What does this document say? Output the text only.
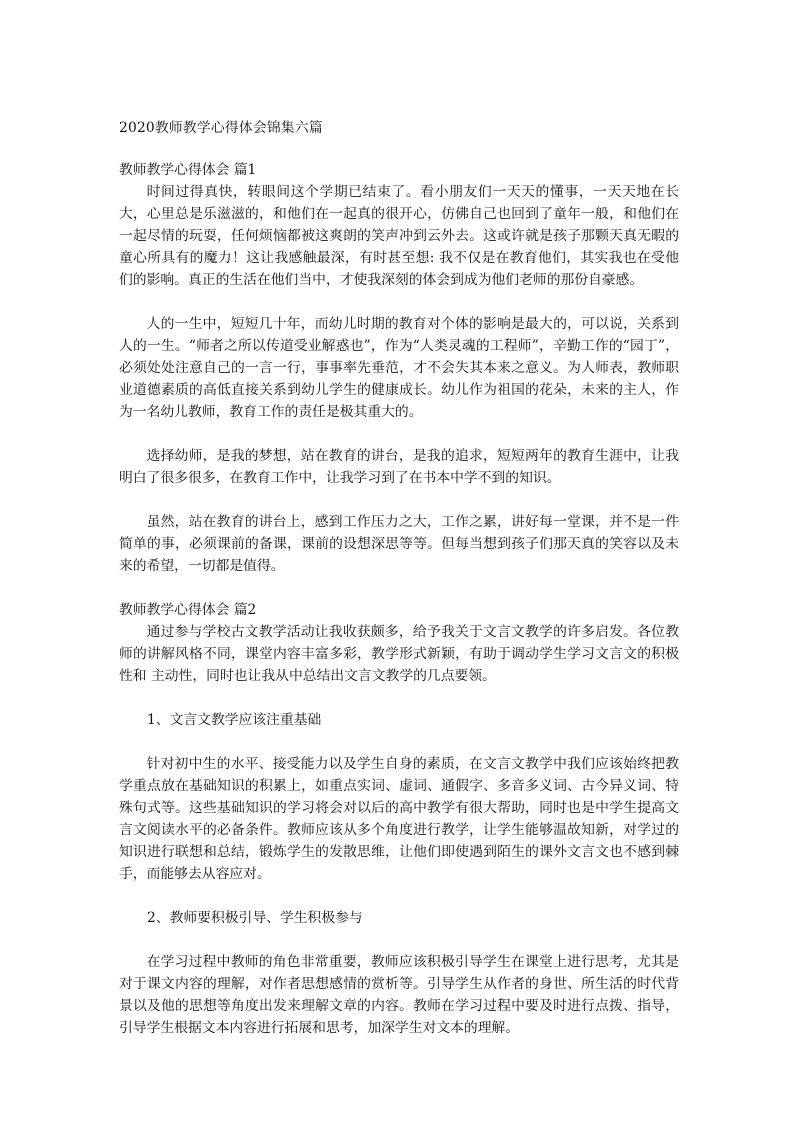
2020教师教学心得体会锦集六篇
教师教学心得体会 篇1

时间过得真快，转眼间这个学期已结束了。看小朋友们一天天的懂事，一天天地在长大，心里总是乐滋滋的，和他们在一起真的很开心，仿佛自己也回到了童年一般，和他们在一起尽情的玩耍，任何烦恼都被这爽朗的笑声冲到云外去。这或许就是孩子那颗天真无暇的童心所具有的魔力！这让我感触最深，有时甚至想: 我不仅是在教育他们，其实我也在受他们的影响。真正的生活在他们当中，才使我深刻的体会到成为他们老师的那份自豪感。

人的一生中，短短几十年，而幼儿时期的教育对个体的影响是最大的，可以说，关系到人的一生。“师者之所以传道受业解惑也”，作为“人类灵魂的工程师”，辛勤工作的“园丁”，必须处处注意自己的一言一行，事事率先垂范，才不会失其本来之意义。为人师表，教师职业道德素质的高低直接关系到幼儿学生的健康成长。幼儿作为祖国的花朵，未来的主人，作为一名幼儿教师，教育工作的责任是极其重大的。

选择幼师，是我的梦想，站在教育的讲台，是我的追求，短短两年的教育生涯中，让我明白了很多很多，在教育工作中，让我学习到了在书本中学不到的知识。

虽然，站在教育的讲台上，感到工作压力之大，工作之累，讲好每一堂课，并不是一件简单的事，必须课前的备课，课前的设想深思等等。但每当想到孩子们那天真的笑容以及未来的希望，一切都是值得。

教师教学心得体会 篇2

通过参与学校古文教学活动让我收获颇多，给予我关于文言文教学的许多启发。各位教师的讲解风格不同，课堂内容丰富多彩，教学形式新颖，有助于调动学生学习文言文的积极性和 主动性，同时也让我从中总结出文言文教学的几点要领。

1、文言文教学应该注重基础

针对初中生的水平、接受能力以及学生自身的素质，在文言文教学中我们应该始终把教学重点放在基础知识的积累上，如重点实词、虚词、通假字、多音多义词、古今异义词、特殊句式等。这些基础知识的学习将会对以后的高中教学有很大帮助，同时也是中学生提高文言文阅读水平的必备条件。教师应该从多个角度进行教学，让学生能够温故知新，对学过的知识进行联想和总结，锻炼学生的发散思维，让他们即使遇到陌生的课外文言文也不感到棘手，而能够去从容应对。

2、教师要积极引导、学生积极参与

在学习过程中教师的角色非常重要，教师应该积极引导学生在课堂上进行思考，尤其是对于课文内容的理解，对作者思想感情的赏析等。引导学生从作者的身世、所生活的时代背景以及他的思想等角度出发来理解文章的内容。教师在学习过程中要及时进行点拨、指导，引导学生根据文本内容进行拓展和思考，加深学生对文本的理解。
